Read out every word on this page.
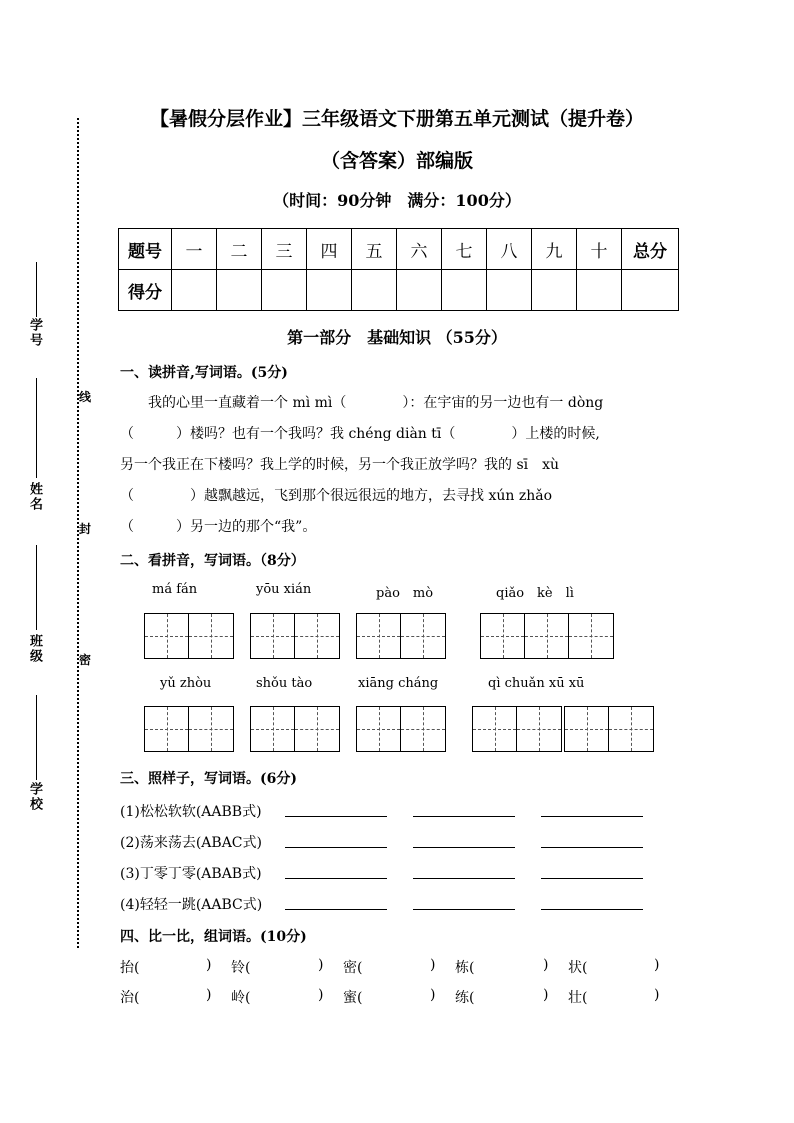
【暑假分层作业】三年级语文下册第五单元测试（提升卷）
（含答案）部编版
（时间：90分钟　满分：100分）
学号
姓名
班级
学校
线
封
密
题号	一	二	三	四	五	六	七	八	九	十	总分
得分											
第一部分　基础知识 （55分）
一、读拼音,写词语。(5分)
　　我的心里一直藏着一个 mì mì（　　　　）：在宇宙的另一边也有一 dòng
（　　　）楼吗？也有一个我吗？我 chéng diàn tī（　　　　）上楼的时候,
另一个我正在下楼吗？我上学的时候，另一个我正放学吗？我的 sī　xù
（　　　　）越飘越远，飞到那个很远很远的地方，去寻找 xún zhǎo
（　　　）另一边的那个“我”。
二、看拼音，写词语。（8分）
má fán	yōu xián	pào　mò	qiǎo　kè　lì
yǔ zhòu	shǒu tào	xiāng cháng	qì chuǎn xū xū
三、照样子，写词语。(6分)
(1)松松软软(AABB式)
(2)荡来荡去(ABAC式)
(3)丁零丁零(ABAB式)
(4)轻轻一跳(AABC式)
四、比一比，组词语。(10分)
抬(	) 铃(	) 密(	) 栋(	) 状(	)
治(	) 岭(	) 蜜(	) 练(	) 壮(	)
